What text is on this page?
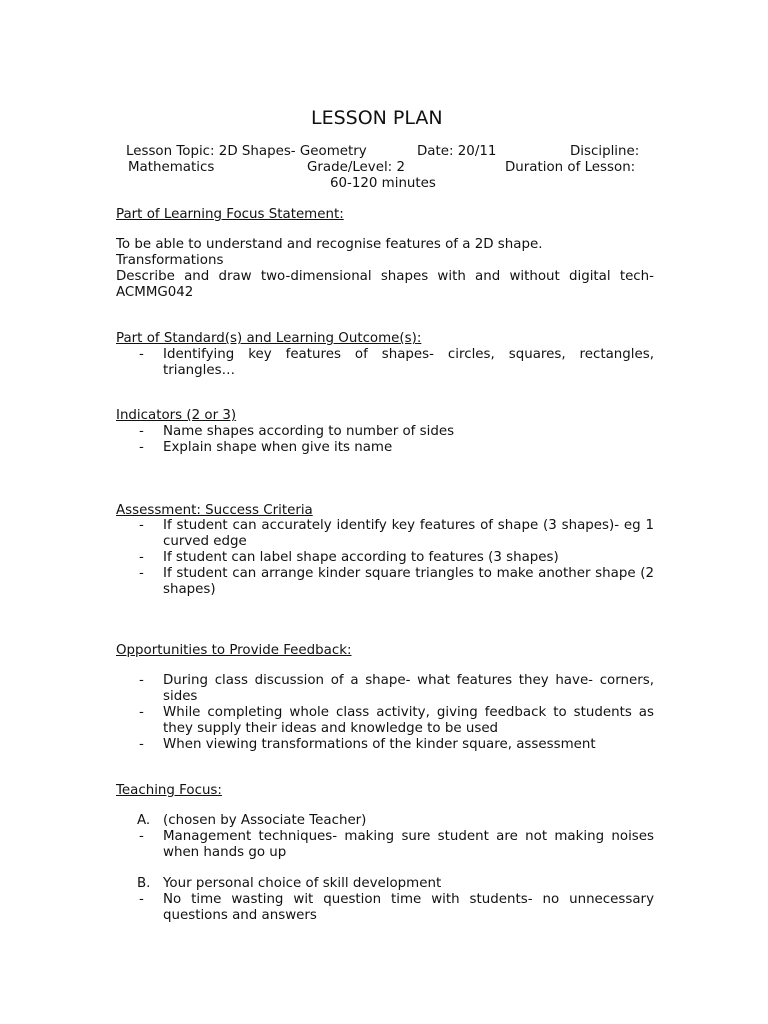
LESSON PLAN
Lesson Topic: 2D Shapes- Geometry	Date: 20/11	Discipline:
Mathematics	Grade/Level: 2	Duration of Lesson:
60-120 minutes
Part of Learning Focus Statement:
To be able to understand and recognise features of a 2D shape.
Transformations
Describe and draw two-dimensional shapes with and without digital tech- ACMMG042
Part of Standard(s) and Learning Outcome(s):
- Identifying key features of shapes- circles, squares, rectangles, triangles…
Indicators (2 or 3)
- Name shapes according to number of sides
- Explain shape when give its name
Assessment: Success Criteria
- If student can accurately identify key features of shape (3 shapes)- eg 1 curved edge
- If student can label shape according to features (3 shapes)
- If student can arrange kinder square triangles to make another shape (2 shapes)
Opportunities to Provide Feedback:
- During class discussion of a shape- what features they have- corners, sides
- While completing whole class activity, giving feedback to students as they supply their ideas and knowledge to be used
- When viewing transformations of the kinder square, assessment
Teaching Focus:
A. (chosen by Associate Teacher)
- Management techniques- making sure student are not making noises when hands go up
B. Your personal choice of skill development
- No time wasting wit question time with students- no unnecessary questions and answers
